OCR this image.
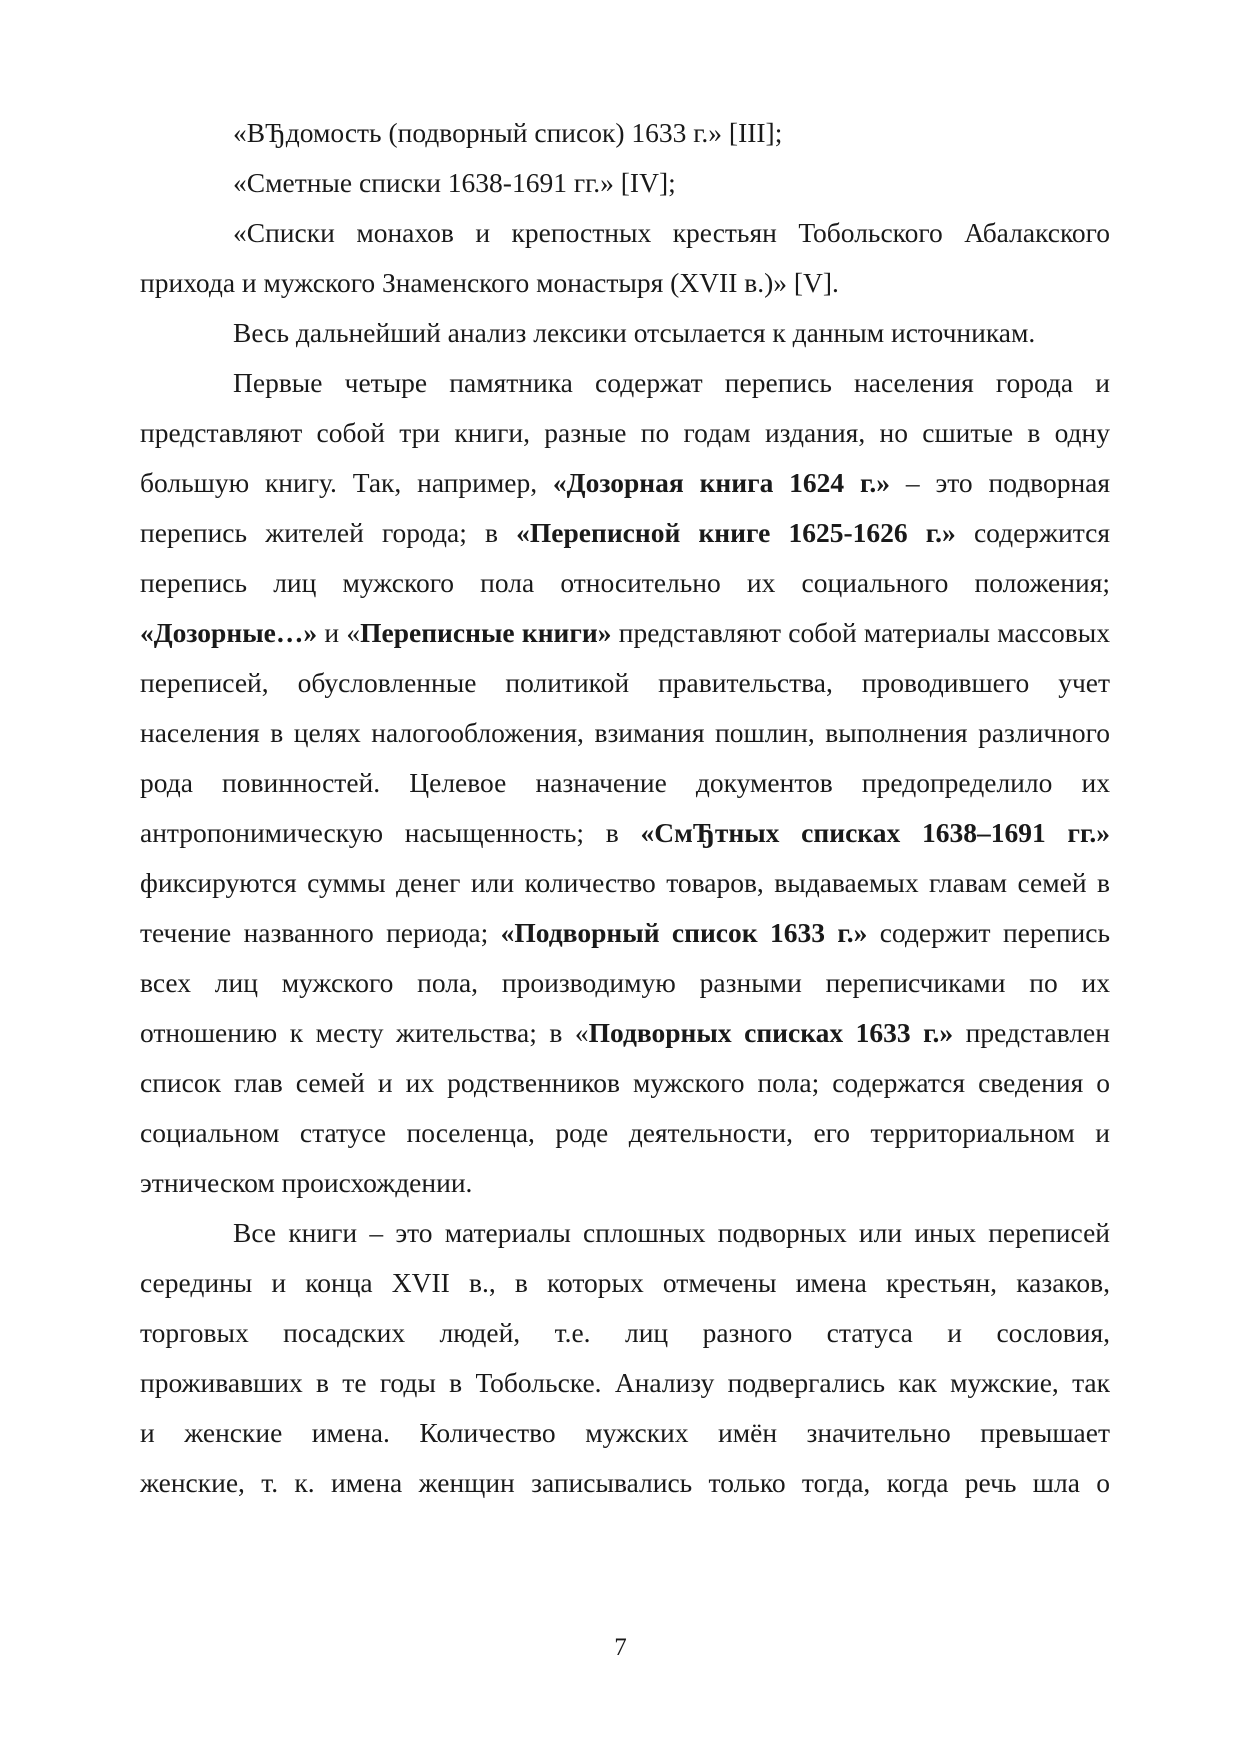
«ВЂдомость (подворный список) 1633 г.» [III];

«Сметные списки 1638-1691 гг.» [IV];

«Списки монахов и крепостных крестьян Тобольского Абалакского прихода и мужского Знаменского монастыря (XVII в.)» [V].

Весь дальнейший анализ лексики отсылается к данным источникам.

Первые четыре памятника содержат перепись населения города и представляют собой три книги, разные по годам издания, но сшитые в одну большую книгу. Так, например, «Дозорная книга 1624 г.» – это подворная перепись жителей города; в «Переписной книге 1625-1626 г.» содержится перепись лиц мужского пола относительно их социального положения; «Дозорные…» и «Переписные книги» представляют собой материалы массовых переписей, обусловленные политикой правительства, проводившего учет населения в целях налогообложения, взимания пошлин, выполнения различного рода повинностей. Целевое назначение документов предопределило их антропонимическую насыщенность; в «СмЂтных списках 1638–1691 гг.» фиксируются суммы денег или количество товаров, выдаваемых главам семей в течение названного периода; «Подворный список 1633 г.» содержит перепись всех лиц мужского пола, производимую разными переписчиками по их отношению к месту жительства; в «Подворных списках 1633 г.» представлен список глав семей и их родственников мужского пола; содержатся сведения о социальном статусе поселенца, роде деятельности, его территориальном и этническом происхождении.

Все книги – это материалы сплошных подворных или иных переписей
середины и конца XVII в., в которых отмечены имена крестьян, казаков,
торговых посадских людей, т.е. лиц разного статуса и сословия,
проживавших в те годы в Тобольске. Анализу подвергались как мужские, так
и женские имена. Количество мужских имён значительно превышает
женские, т. к. имена женщин записывались только тогда, когда речь шла о
7
